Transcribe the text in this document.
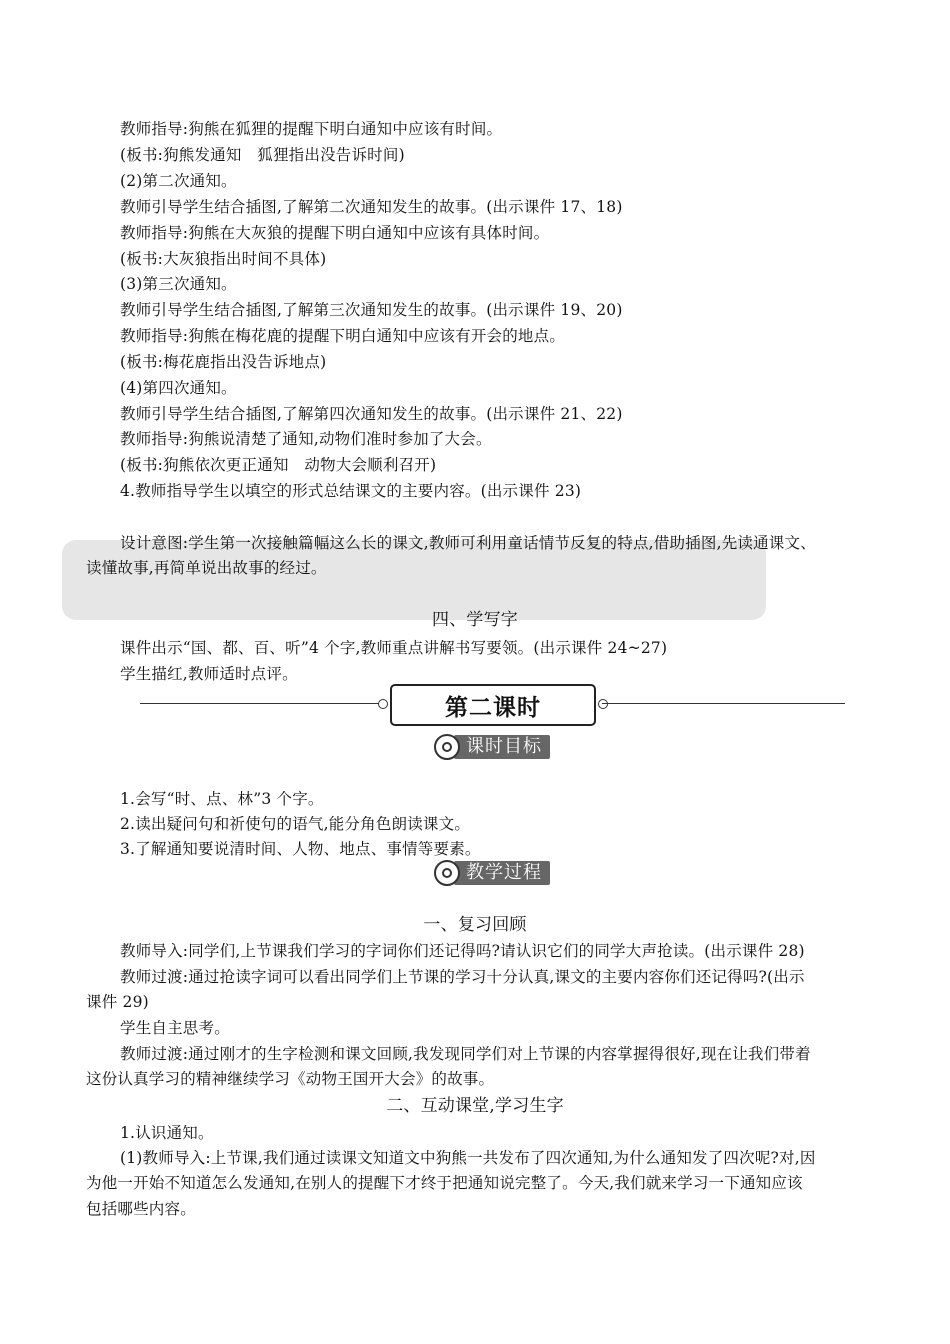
教师指导:狗熊在狐狸的提醒下明白通知中应该有时间。
(板书:狗熊发通知　狐狸指出没告诉时间)
(2)第二次通知。
教师引导学生结合插图,了解第二次通知发生的故事。(出示课件 17、18)
教师指导:狗熊在大灰狼的提醒下明白通知中应该有具体时间。
(板书:大灰狼指出时间不具体)
(3)第三次通知。
教师引导学生结合插图,了解第三次通知发生的故事。(出示课件 19、20)
教师指导:狗熊在梅花鹿的提醒下明白通知中应该有开会的地点。
(板书:梅花鹿指出没告诉地点)
(4)第四次通知。
教师引导学生结合插图,了解第四次通知发生的故事。(出示课件 21、22)
教师指导:狗熊说清楚了通知,动物们准时参加了大会。
(板书:狗熊依次更正通知　动物大会顺利召开)
4.教师指导学生以填空的形式总结课文的主要内容。(出示课件 23)
设计意图:学生第一次接触篇幅这么长的课文,教师可利用童话情节反复的特点,借助插图,先读通课文、
读懂故事,再简单说出故事的经过。
四、学写字
课件出示“国、都、百、听”4 个字,教师重点讲解书写要领。(出示课件 24~27)
学生描红,教师适时点评。
第二课时
课时目标
1.会写“时、点、林”3 个字。
2.读出疑问句和祈使句的语气,能分角色朗读课文。
3.了解通知要说清时间、人物、地点、事情等要素。
教学过程
一、复习回顾
教师导入:同学们,上节课我们学习的字词你们还记得吗?请认识它们的同学大声抢读。(出示课件 28)
教师过渡:通过抢读字词可以看出同学们上节课的学习十分认真,课文的主要内容你们还记得吗?(出示
课件 29)
学生自主思考。
教师过渡:通过刚才的生字检测和课文回顾,我发现同学们对上节课的内容掌握得很好,现在让我们带着
这份认真学习的精神继续学习《动物王国开大会》的故事。
二、互动课堂,学习生字
1.认识通知。
(1)教师导入:上节课,我们通过读课文知道文中狗熊一共发布了四次通知,为什么通知发了四次呢?对,因
为他一开始不知道怎么发通知,在别人的提醒下才终于把通知说完整了。今天,我们就来学习一下通知应该
包括哪些内容。
